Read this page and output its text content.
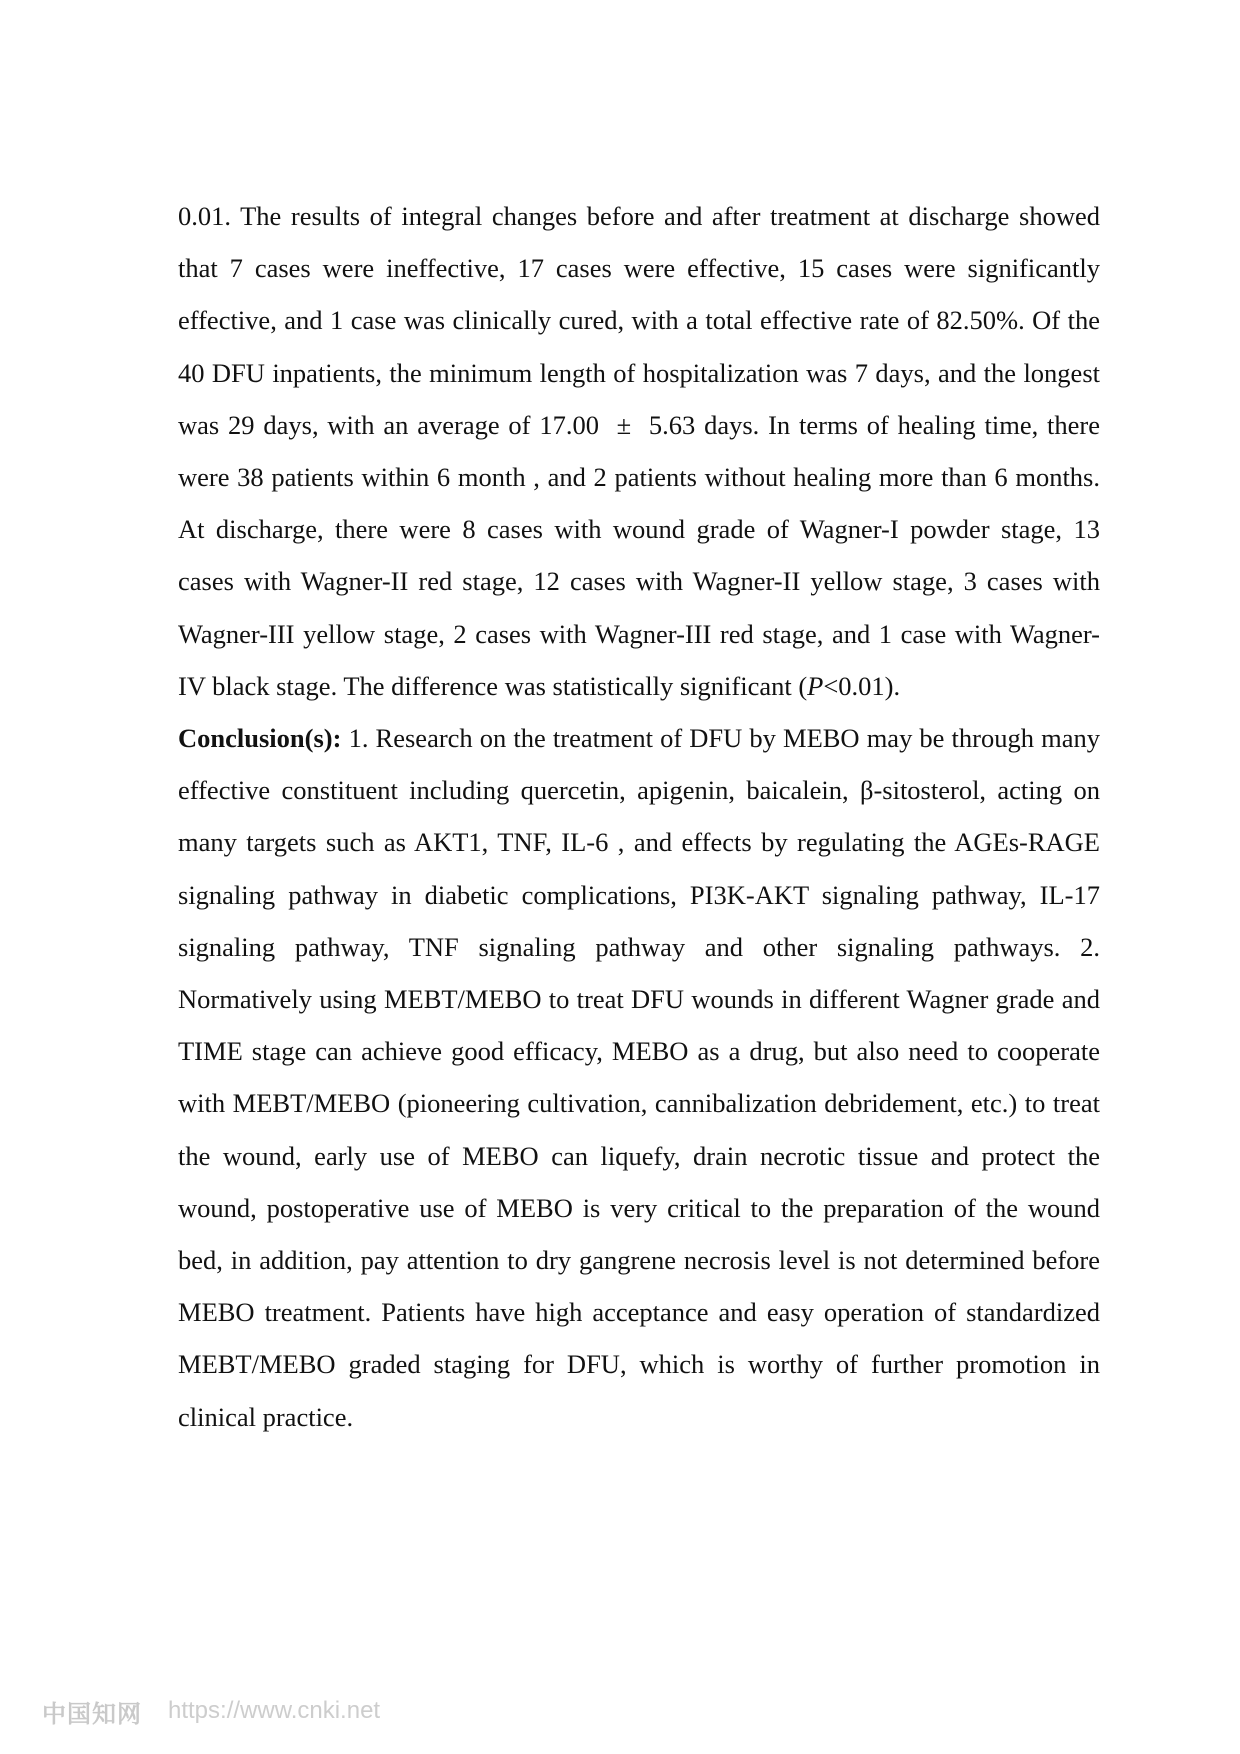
0.01. The results of integral changes before and after treatment at discharge showed that 7 cases were ineffective, 17 cases were effective, 15 cases were significantly effective, and 1 case was clinically cured, with a total effective rate of 82.50%. Of the 40 DFU inpatients, the minimum length of hospitalization was 7 days, and the longest was 29 days, with an average of 17.00  ±  5.63 days. In terms of healing time, there were 38 patients within 6 month , and 2 patients without healing more than 6 months. At discharge, there were 8 cases with wound grade of Wagner-I powder stage, 13 cases with Wagner-II red stage, 12 cases with Wagner-II yellow stage, 3 cases with Wagner-III yellow stage, 2 cases with Wagner-III red stage, and 1 case with Wagner-IV black stage. The difference was statistically significant (P<0.01).

Conclusion(s): 1. Research on the treatment of DFU by MEBO may be through many effective constituent including quercetin, apigenin, baicalein, β-sitosterol, acting on many targets such as AKT1, TNF, IL-6 , and effects by regulating the AGEs-RAGE signaling pathway in diabetic complications, PI3K-AKT signaling pathway, IL-17 signaling pathway, TNF signaling pathway and other signaling pathways. 2. Normatively using MEBT/MEBO to treat DFU wounds in different Wagner grade and TIME stage can achieve good efficacy, MEBO as a drug, but also need to cooperate with MEBT/MEBO (pioneering cultivation, cannibalization debridement, etc.) to treat the wound, early use of MEBO can liquefy, drain necrotic tissue and protect the wound, postoperative use of MEBO is very critical to the preparation of the wound bed, in addition, pay attention to dry gangrene necrosis level is not determined before MEBO treatment. Patients have high acceptance and easy operation of standardized MEBT/MEBO graded staging for DFU, which is worthy of further promotion in clinical practice.

中国知网 https://www.cnki.net
